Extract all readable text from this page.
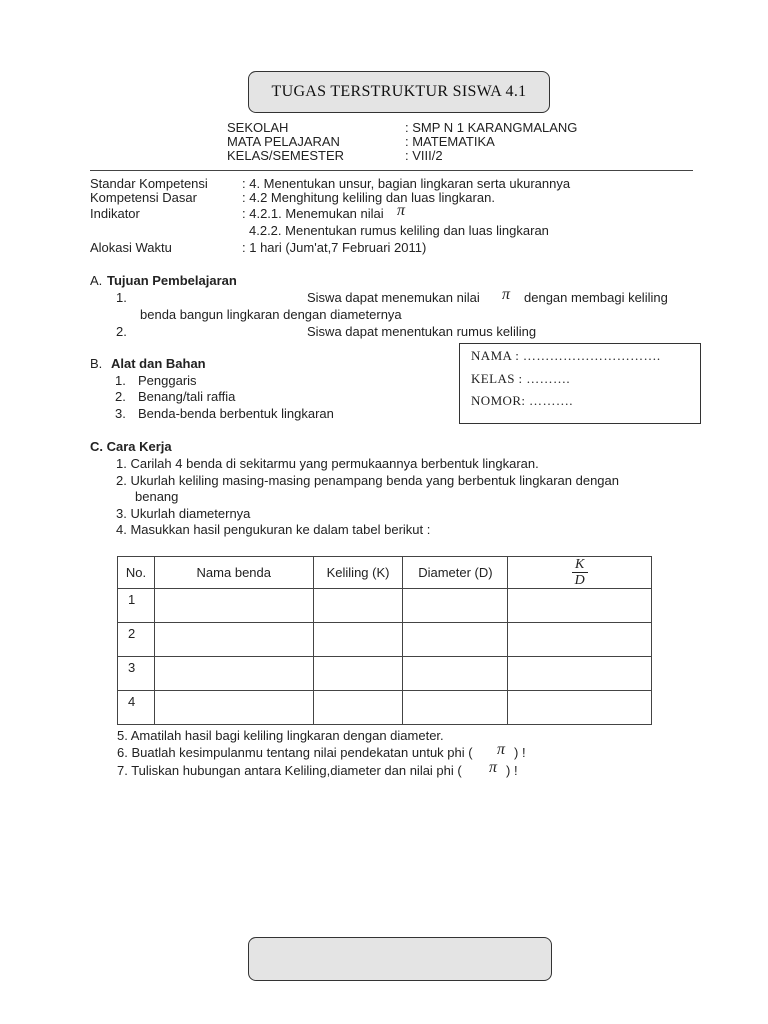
TUGAS TERSTRUKTUR SISWA 4.1
SEKOLAH	: SMP N 1 KARANGMALANG
MATA PELAJARAN	: MATEMATIKA
KELAS/SEMESTER	: VIII/2
Standar Kompetensi	: 4. Menentukan unsur, bagian lingkaran serta ukurannya
Kompetensi Dasar	: 4.2 Menghitung keliling dan luas lingkaran.
Indikator	: 4.2.1. Menemukan nilai π
4.2.2. Menentukan rumus keliling dan luas lingkaran
Alokasi Waktu	: 1 hari (Jum'at,7 Februari 2011)
A. Tujuan Pembelajaran
1.	Siswa dapat menemukan nilai π dengan membagi keliling
benda bangun lingkaran dengan diameternya
2.	Siswa dapat menentukan rumus keliling
B. Alat dan Bahan
1. Penggaris
2. Benang/tali raffia
3. Benda-benda berbentuk lingkaran
NAMA : ………………………….
KELAS : ……….
NOMOR: ……….
C. Cara Kerja
1. Carilah 4 benda di sekitarmu yang permukaannya berbentuk lingkaran.
2. Ukurlah keliling masing-masing penampang benda yang berbentuk lingkaran dengan
benang
3. Ukurlah diameternya
4. Masukkan hasil pengukuran ke dalam tabel berikut :
No.	Nama benda	Keliling (K)	Diameter (D)	$\frac{K}{D}$

1				
2				
3				
4				
5. Amatilah hasil bagi keliling lingkaran dengan diameter.
6. Buatlah kesimpulanmu tentang nilai pendekatan untuk phi ( π ) !
7. Tuliskan hubungan antara Keliling,diameter dan nilai phi ( π ) !
